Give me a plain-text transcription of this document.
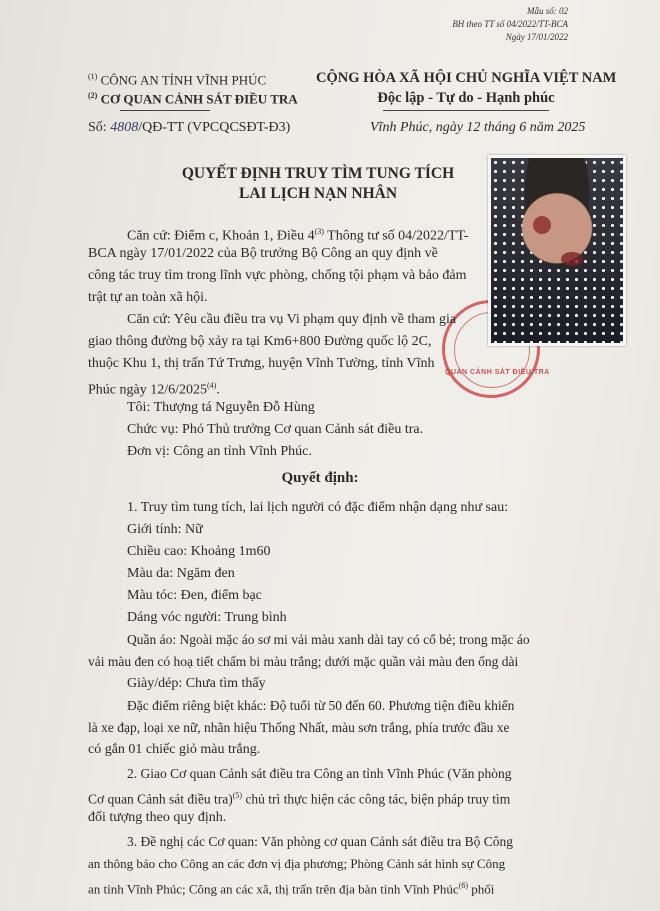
Mẫu số: 02
BH theo TT số 04/2022/TT-BCA
Ngày 17/01/2022
$^{(1)}$ CÔNG AN TỈNH VĨNH PHÚC
$^{(2)}$ CƠ QUAN CẢNH SÁT ĐIỀU TRA
CỘNG HÒA XÃ HỘI CHỦ NGHĨA VIỆT NAM
Độc lập - Tự do - Hạnh phúc
Số: 4808/QĐ-TT (VPCQCSĐT-Đ3)	Vĩnh Phúc, ngày 12 tháng 6 năm 2025
QUYẾT ĐỊNH TRUY TÌM TUNG TÍCH
LAI LỊCH NẠN NHÂN
QUAN CẢNH SÁT ĐIỀU TRA
Căn cứ: Điểm c, Khoản 1, Điều 4$^{(3)}$ Thông tư số 04/2022/TT-
BCA ngày 17/01/2022 của Bộ trưởng Bộ Công an quy định về
công tác truy tìm trong lĩnh vực phòng, chống tội phạm và bảo đảm
trật tự an toàn xã hội.
Căn cứ: Yêu cầu điều tra vụ Vi phạm quy định về tham gia
giao thông đường bộ xảy ra tại Km6+800 Đường quốc lộ 2C,
thuộc Khu 1, thị trấn Tứ Trưng, huyện Vĩnh Tường, tỉnh Vĩnh
Phúc ngày 12/6/2025$^{(4)}$.
Tôi: Thượng tá Nguyễn Đỗ Hùng
Chức vụ: Phó Thủ trưởng Cơ quan Cảnh sát điều tra.
Đơn vị: Công an tỉnh Vĩnh Phúc.
Quyết định:
1. Truy tìm tung tích, lai lịch người có đặc điểm nhận dạng như sau:
Giới tính: Nữ
Chiều cao: Khoảng 1m60
Màu da: Ngăm đen
Màu tóc: Đen, điểm bạc
Dáng vóc người: Trung bình
Quần áo: Ngoài mặc áo sơ mi vải màu xanh dài tay có cổ bẻ; trong mặc áo
vải màu đen có hoạ tiết chấm bi màu trắng; dưới mặc quần vải màu đen ống dài
Giày/dép: Chưa tìm thấy
Đặc điểm riêng biệt khác: Độ tuổi từ 50 đến 60. Phương tiện điều khiển
là xe đạp, loại xe nữ, nhãn hiệu Thống Nhất, màu sơn trắng, phía trước đầu xe
có gắn 01 chiếc giỏ màu trắng.
2. Giao Cơ quan Cảnh sát điều tra Công an tỉnh Vĩnh Phúc (Văn phòng
Cơ quan Cảnh sát điều tra)$^{(5)}$ chủ trì thực hiện các công tác, biện pháp truy tìm
đối tượng theo quy định.
3. Đề nghị các Cơ quan: Văn phòng cơ quan Cảnh sát điều tra Bộ Công
an thông báo cho Công an các đơn vị địa phương; Phòng Cảnh sát hình sự Công
an tỉnh Vĩnh Phúc; Công an các xã, thị trấn trên địa bàn tỉnh Vĩnh Phúc$^{(6)}$ phối
